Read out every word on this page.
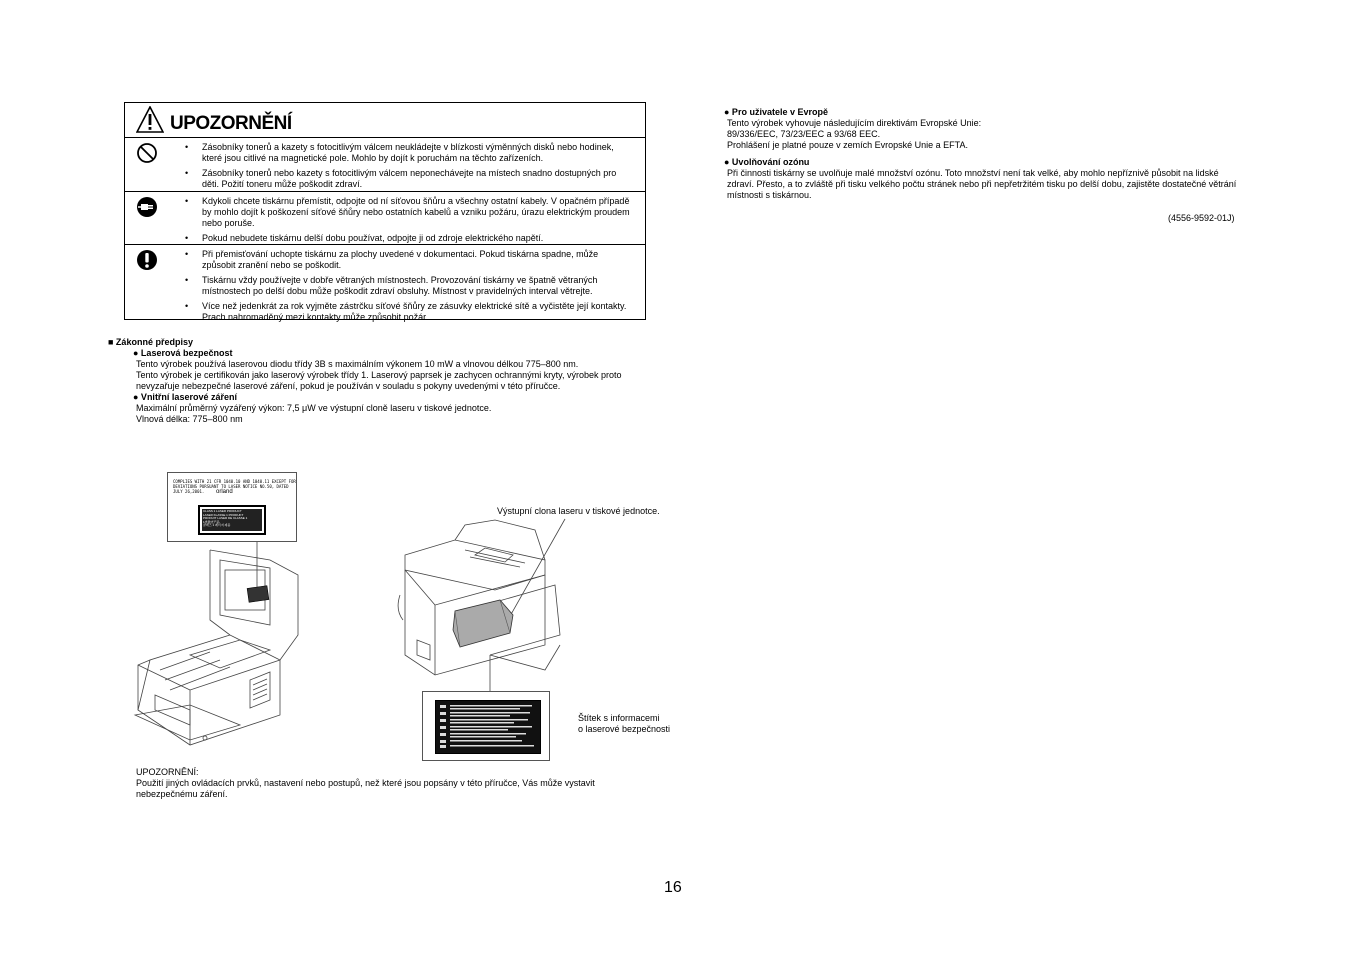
UPOZORNĚNÍ
• Zásobníky tonerů a kazety s fotocitlivým válcem neukládejte v blízkosti výměnných disků nebo hodinek, které jsou citlivé na magnetické pole. Mohlo by dojít k poruchám na těchto zařízeních.
• Zásobníky tonerů nebo kazety s fotocitlivým válcem neponechávejte na místech snadno dostupných pro děti. Požití toneru může poškodit zdraví.
• Kdykoli chcete tiskárnu přemístit, odpojte od ní síťovou šňůru a všechny ostatní kabely. V opačném případě by mohlo dojít k poškození síťové šňůry nebo ostatních kabelů a vzniku požáru, úrazu elektrickým proudem nebo poruše.
• Pokud nebudete tiskárnu delší dobu používat, odpojte ji od zdroje elektrického napětí.
• Při přemisťování uchopte tiskárnu za plochy uvedené v dokumentaci. Pokud tiskárna spadne, může způsobit zranění nebo se poškodit.
• Tiskárnu vždy používejte v dobře větraných místnostech. Provozování tiskárny ve špatně větraných místnostech po delší dobu může poškodit zdraví obsluhy. Místnost v pravidelných interval větrejte.
• Více než jedenkrát za rok vyjměte zástrčku síťové šňůry ze zásuvky elektrické sítě a vyčistěte její kontakty. Prach nahromaděný mezi kontakty může způsobit požár.
■ Zákonné předpisy
● Laserová bezpečnost
Tento výrobek používá laserovou diodu třídy 3B s maximálním výkonem 10 mW a vlnovou délkou 775–800 nm.
Tento výrobek je certifikován jako laserový výrobek třídy 1. Laserový paprsek je zachycen ochrannými kryty, výrobek proto nevyzařuje nebezpečné laserové záření, pokud je používán v souladu s pokyny uvedenými v této příručce.
● Vnitřní laserové záření
Maximální průměrný vyzářený výkon: 7,5 μW ve výstupní cloně laseru v tiskové jednotce.
Vlnová délka: 775–800 nm
COMPLIES WITH 21 CFR 1040.10 AND 1040.11 EXCEPT FOR
DEVIATIONS PURSUANT TO LASER NOTICE NO.50, DATED JULY 26,2001.	orland
CLASS 1 LASER PRODUCT
LASER KLASSE 1 PRODUKT
PRODUIT LASER DE CLASSE 1
1类激光产品
클래스 1 레이저 제품
Výstupní clona laseru v tiskové jednotce.
Štítek s informacemi
o laserové bezpečnosti
UPOZORNĚNÍ:
Použití jiných ovládacích prvků, nastavení nebo postupů, než které jsou popsány v této příručce, Vás může vystavit nebezpečnému záření.
● Pro uživatele v Evropě
Tento výrobek vyhovuje následujícím direktivám Evropské Unie:
89/336/EEC, 73/23/EEC a 93/68 EEC.
Prohlášení je platné pouze v zemích Evropské Unie a EFTA.
● Uvolňování ozónu
Při činnosti tiskárny se uvolňuje malé množství ozónu. Toto množství není tak velké, aby mohlo nepříznivě působit na lidské zdraví. Přesto, a to zvláště při tisku velkého počtu stránek nebo při nepřetržitém tisku po delší dobu, zajistěte dostatečné větrání místnosti s tiskárnou.
(4556-9592-01J)
16
